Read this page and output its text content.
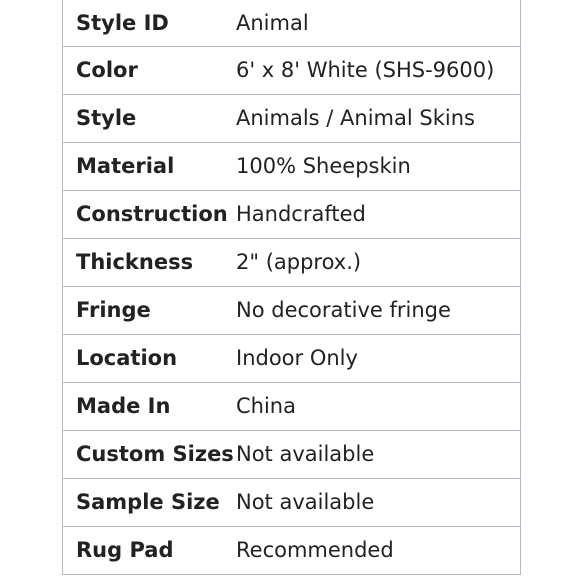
Style ID	Animal
Color	6' x 8' White (SHS-9600)
Style	Animals / Animal Skins
Material	100% Sheepskin
Construction	Handcrafted
Thickness	2" (approx.)
Fringe	No decorative fringe
Location	Indoor Only
Made In	China
Custom Sizes	Not available
Sample Size	Not available
Rug Pad	Recommended
